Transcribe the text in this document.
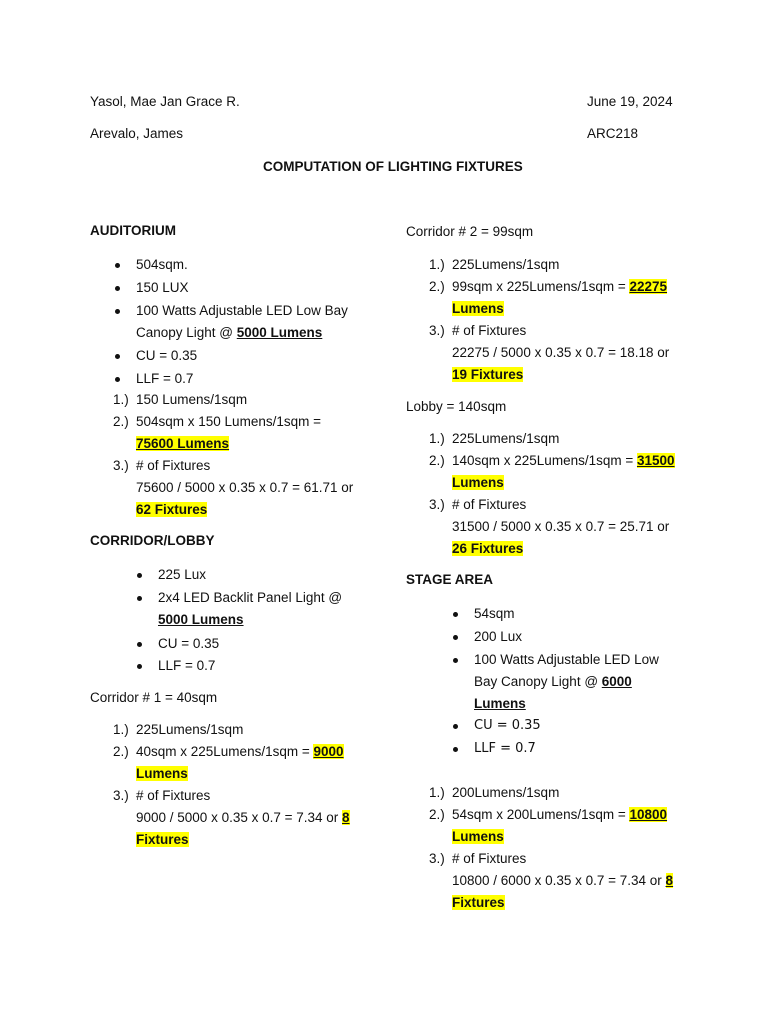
Yasol, Mae Jan Grace R.
Arevalo, James
June 19, 2024
ARC218
COMPUTATION OF LIGHTING FIXTURES
AUDITORIUM
504sqm.
150 LUX
100 Watts Adjustable LED Low Bay
Canopy Light @ 5000 Lumens
CU = 0.35
LLF = 0.7
1.) 150 Lumens/1sqm
2.) 504sqm x 150 Lumens/1sqm =
75600 Lumens
3.) # of Fixtures
75600 / 5000 x 0.35 x 0.7 = 61.71 or
62 Fixtures
CORRIDOR/LOBBY
225 Lux
2x4 LED Backlit Panel Light @
5000 Lumens
CU = 0.35
LLF = 0.7
Corridor # 1 = 40sqm
1.) 225Lumens/1sqm
2.) 40sqm x 225Lumens/1sqm = 9000
Lumens
3.) # of Fixtures
9000 / 5000 x 0.35 x 0.7 = 7.34 or 8
Fixtures
Corridor # 2 = 99sqm
1.) 225Lumens/1sqm
2.) 99sqm x 225Lumens/1sqm = 22275
Lumens
3.) # of Fixtures
22275 / 5000 x 0.35 x 0.7 = 18.18 or
19 Fixtures
Lobby = 140sqm
1.) 225Lumens/1sqm
2.) 140sqm x 225Lumens/1sqm = 31500
Lumens
3.) # of Fixtures
31500 / 5000 x 0.35 x 0.7 = 25.71 or
26 Fixtures
STAGE AREA
54sqm
200 Lux
100 Watts Adjustable LED Low
Bay Canopy Light @ 6000
Lumens
CU = 0.35
LLF = 0.7
1.) 200Lumens/1sqm
2.) 54sqm x 200Lumens/1sqm = 10800
Lumens
3.) # of Fixtures
10800 / 6000 x 0.35 x 0.7 = 7.34 or 8
Fixtures
